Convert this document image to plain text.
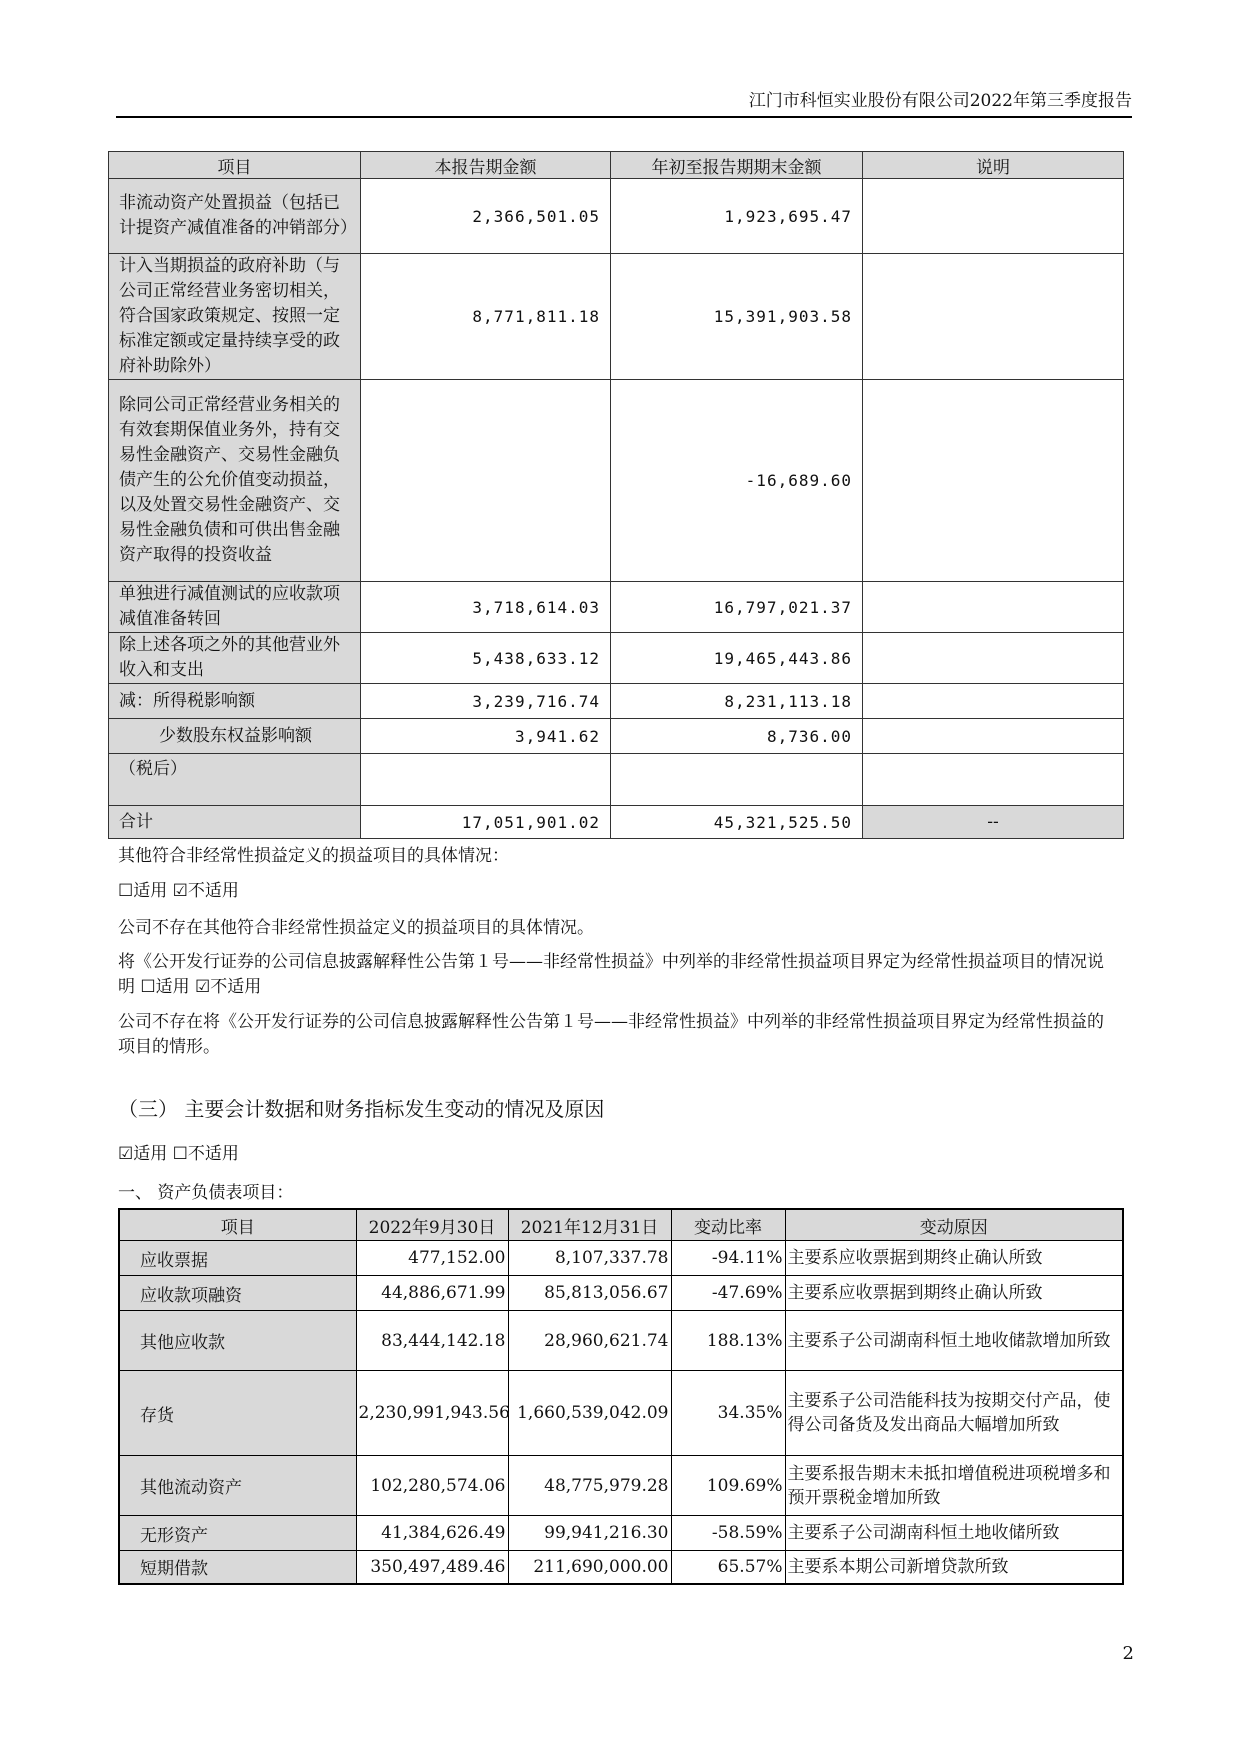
江门市科恒实业股份有限公司2022年第三季度报告
项目	本报告期金额	年初至报告期期末金额	说明
非流动资产处置损益（包括已计提资产减值准备的冲销部分）	2,366,501.05	1,923,695.47	
计入当期损益的政府补助（与公司正常经营业务密切相关，符合国家政策规定、按照一定标准定额或定量持续享受的政府补助除外）	8,771,811.18	15,391,903.58	
除同公司正常经营业务相关的有效套期保值业务外，持有交易性金融资产、交易性金融负债产生的公允价值变动损益，以及处置交易性金融资产、交易性金融负债和可供出售金融资产取得的投资收益		-16,689.60	
单独进行减值测试的应收款项减值准备转回	3,718,614.03	16,797,021.37	
除上述各项之外的其他营业外收入和支出	5,438,633.12	19,465,443.86	
减：所得税影响额	3,239,716.74	8,231,113.18	
少数股东权益影响额	3,941.62	8,736.00	
（税后）			
合计	17,051,901.02	45,321,525.50	--
其他符合非经常性损益定义的损益项目的具体情况：
☐适用 ☑不适用
公司不存在其他符合非经常性损益定义的损益项目的具体情况。
将《公开发行证券的公司信息披露解释性公告第１号——非经常性损益》中列举的非经常性损益项目界定为经常性损益项目的情况说明 ☐适用 ☑不适用
公司不存在将《公开发行证券的公司信息披露解释性公告第１号——非经常性损益》中列举的非经常性损益项目界定为经常性损益的项目的情形。
（三） 主要会计数据和财务指标发生变动的情况及原因
☑适用 ☐不适用
一、 资产负债表项目：
项目	2022年9月30日	2021年12月31日	变动比率	变动原因
应收票据	477,152.00	8,107,337.78	-94.11%	主要系应收票据到期终止确认所致
应收款项融资	44,886,671.99	85,813,056.67	-47.69%	主要系应收票据到期终止确认所致
其他应收款	83,444,142.18	28,960,621.74	188.13%	主要系子公司湖南科恒土地收储款增加所致
存货	2,230,991,943.56	1,660,539,042.09	34.35%	主要系子公司浩能科技为按期交付产品，使得公司备货及发出商品大幅增加所致
其他流动资产	102,280,574.06	48,775,979.28	109.69%	主要系报告期末未抵扣增值税进项税增多和预开票税金增加所致
无形资产	41,384,626.49	99,941,216.30	-58.59%	主要系子公司湖南科恒土地收储所致
短期借款	350,497,489.46	211,690,000.00	65.57%	主要系本期公司新增贷款所致
2
